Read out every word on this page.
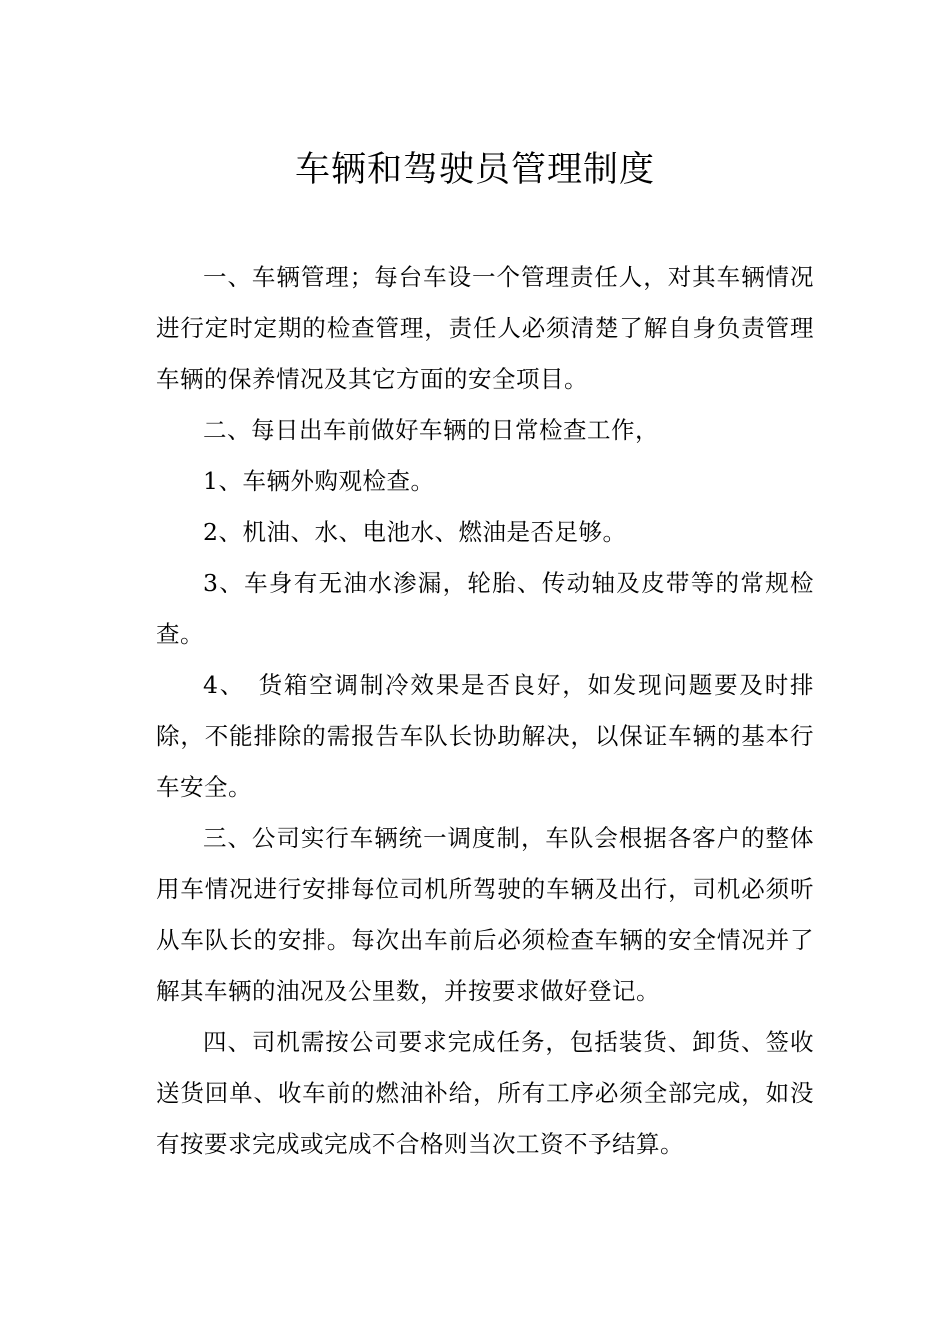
车辆和驾驶员管理制度

一、车辆管理；每台车设一个管理责任人，对其车辆情况进行定时定期的检查管理，责任人必须清楚了解自身负责管理车辆的保养情况及其它方面的安全项目。

二、每日出车前做好车辆的日常检查工作，

1、车辆外购观检查。

2、机油、水、电池水、燃油是否足够。

3、车身有无油水渗漏，轮胎、传动轴及皮带等的常规检查。

4、　货箱空调制冷效果是否良好，如发现问题要及时排除，不能排除的需报告车队长协助解决，以保证车辆的基本行车安全。

三、公司实行车辆统一调度制，车队会根据各客户的整体用车情况进行安排每位司机所驾驶的车辆及出行，司机必须听从车队长的安排。每次出车前后必须检查车辆的安全情况并了解其车辆的油况及公里数，并按要求做好登记。

四、司机需按公司要求完成任务，包括装货、卸货、签收送货回单、收车前的燃油补给，所有工序必须全部完成，如没有按要求完成或完成不合格则当次工资不予结算。
